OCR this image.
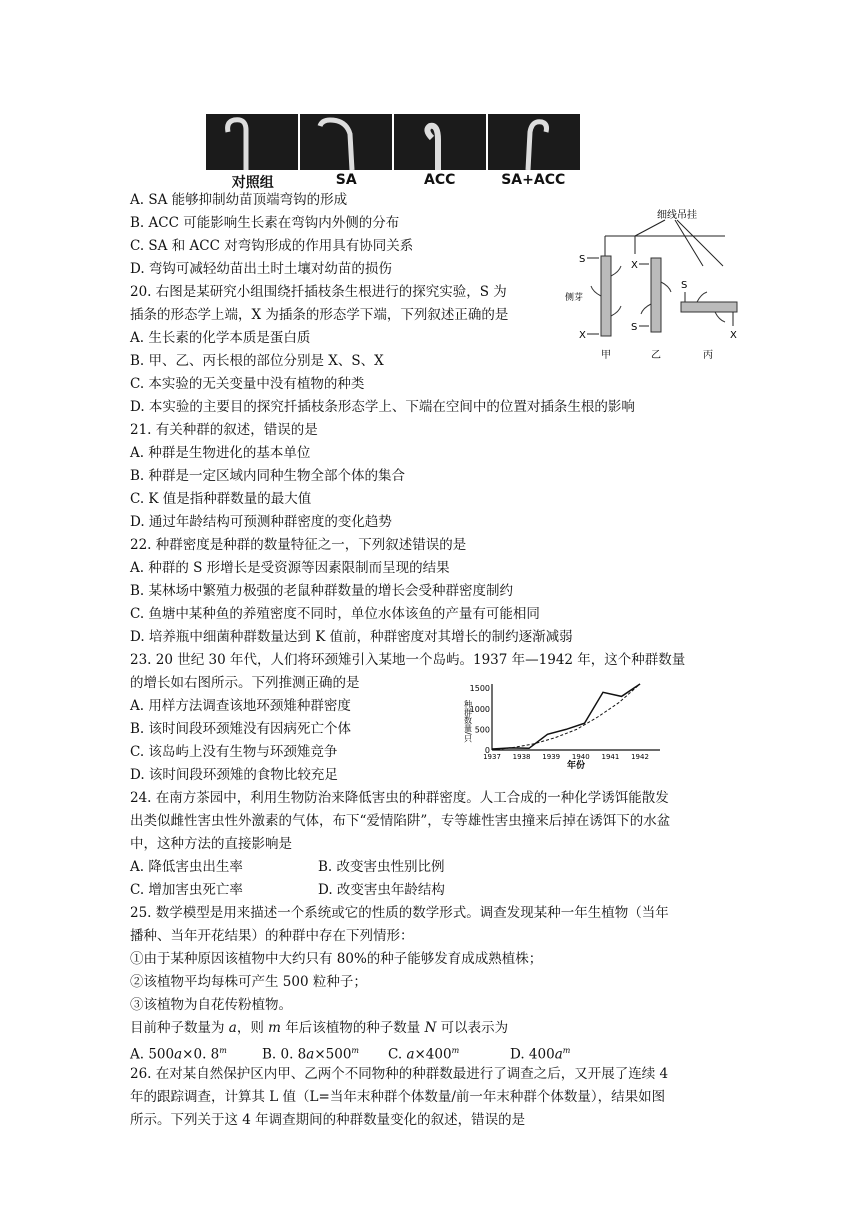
对照组	SA	ACC	SA+ACC
A. SA 能够抑制幼苗顶端弯钩的形成
B. ACC 可能影响生长素在弯钩内外侧的分布
C. SA 和 ACC 对弯钩形成的作用具有协同关系
D. 弯钩可减轻幼苗出土时土壤对幼苗的损伤
20. 右图是某研究小组围绕扦插枝条生根进行的探究实验，S 为
插条的形态学上端，X 为插条的形态学下端，下列叙述正确的是
A. 生长素的化学本质是蛋白质
B. 甲、乙、丙长根的部位分别是 X、S、X
C. 本实验的无关变量中没有植物的种类
D. 本实验的主要目的探究扦插枝条形态学上、下端在空间中的位置对插条生根的影响
细线吊挂
S
侧芽
X
X
S
S
X
甲	乙	丙
21. 有关种群的叙述，错误的是
A. 种群是生物进化的基本单位
B. 种群是一定区域内同种生物全部个体的集合
C. K 值是指种群数量的最大值
D. 通过年龄结构可预测种群密度的变化趋势
22. 种群密度是种群的数量特征之一，下列叙述错误的是
A. 种群的 S 形增长是受资源等因素限制而呈现的结果
B. 某林场中繁殖力极强的老鼠种群数量的增长会受种群密度制约
C. 鱼塘中某种鱼的养殖密度不同时，单位水体该鱼的产量有可能相同
D. 培养瓶中细菌种群数量达到 K 值前，种群密度对其增长的制约逐渐减弱
23. 20 世纪 30 年代，人们将环颈雉引入某地一个岛屿。1937 年—1942 年，这个种群数量
的增长如右图所示。下列推测正确的是
A. 用样方法调查该地环颈雉种群密度
B. 该时间段环颈雉没有因病死亡个体
C. 该岛屿上没有生物与环颈雉竞争
D. 该时间段环颈雉的食物比较充足
0
500
1000
1500
1937 1938 1939 1940 1941 1942
种群数量/只
年份
24. 在南方茶园中，利用生物防治来降低害虫的种群密度。人工合成的一种化学诱饵能散发
出类似雌性害虫性外激素的气体，布下“爱情陷阱”，专等雄性害虫撞来后掉在诱饵下的水盆
中，这种方法的直接影响是
A. 降低害虫出生率	B. 改变害虫性别比例
C. 增加害虫死亡率	D. 改变害虫年龄结构
25. 数学模型是用来描述一个系统或它的性质的数学形式。调查发现某种一年生植物（当年
播种、当年开花结果）的种群中存在下列情形：
①由于某种原因该植物中大约只有 80%的种子能够发育成成熟植株；
②该植物平均每株可产生 500 粒种子；
③该植物为自花传粉植物。
目前种子数量为 a，则 m 年后该植物的种子数量 N 可以表示为
A. 500a×0. 8$^m$	B. 0. $8a\times 500^m$ C. $a\times 400^m$	D. $400a^m$
26. 在对某自然保护区内甲、乙两个不同物种的种群数最进行了调查之后，又开展了连续 4
年的跟踪调查，计算其 L 值（L=当年末种群个体数量/前一年末种群个体数量），结果如图
所示。下列关于这 4 年调查期间的种群数量变化的叙述，错误的是
